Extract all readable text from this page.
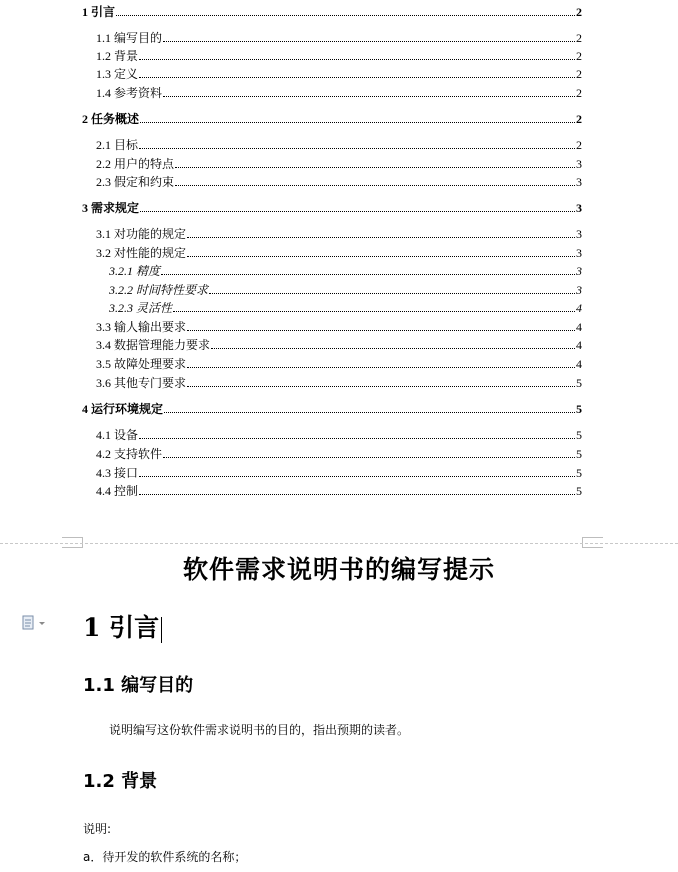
1 引言	2
1.1 编写目的	2
1.2 背景	2
1.3 定义	2
1.4 参考资料	2
2 任务概述	2
2.1 目标	2
2.2 用户的特点	3
2.3 假定和约束	3
3 需求规定	3
3.1 对功能的规定	3
3.2 对性能的规定	3
3.2.1 精度	3
3.2.2 时间特性要求	3
3.2.3 灵活性	4
3.3 输人输出要求	4
3.4 数据管理能力要求	4
3.5 故障处理要求	4
3.6 其他专门要求	5
4 运行环境规定	5
4.1 设备	5
4.2 支持软件	5
4.3 接口	5
4.4 控制	5
软件需求说明书的编写提示
1 引言
1.1 编写目的
说明编写这份软件需求说明书的目的，指出预期的读者。
1.2 背景
说明:
a．待开发的软件系统的名称；
